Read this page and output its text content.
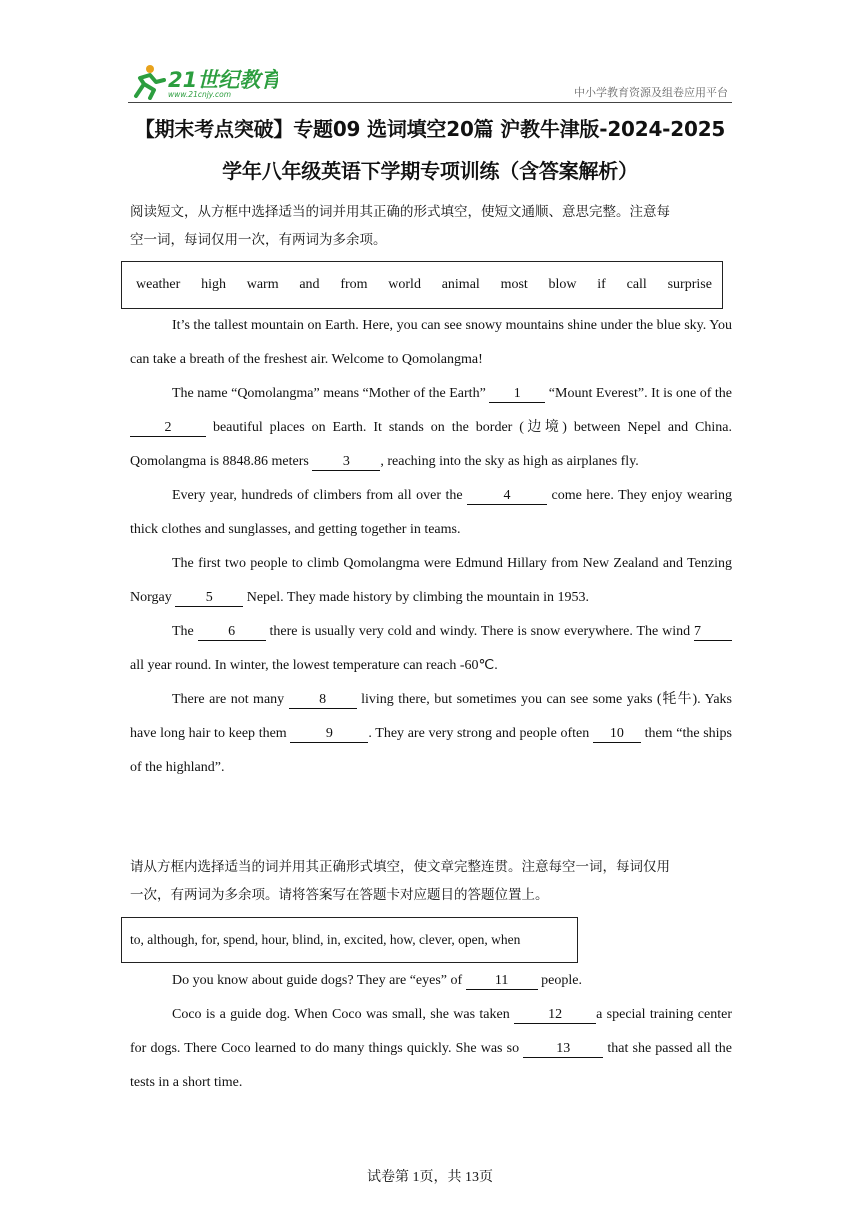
21世纪教育
www.21cnjy.com	中小学教育资源及组卷应用平台
【期末考点突破】专题09 选词填空20篇 沪教牛津版-2024-2025
学年八年级英语下学期专项训练（含答案解析）
阅读短文，从方框中选择适当的词并用其正确的形式填空，使短文通顺、意思完整。注意每
空一词，每词仅用一次，有两词为多余项。
weather high warm and from world animal most blow if call surprise
It’s the tallest mountain on Earth. Here, you can see snowy mountains shine under the blue sky. You can take a breath of the freshest air. Welcome to Qomolangma!
The name “Qomolangma” means “Mother of the Earth” 1 “Mount Everest”. It is one of the 2 beautiful places on Earth. It stands on the border (边境) between Nepel and China. Qomolangma is 8848.86 meters 3 , reaching into the sky as high as airplanes fly.
Every year, hundreds of climbers from all over the	4	come here. They enjoy wearing thick clothes and sunglasses, and getting together in teams.
The first two people to climb Qomolangma were Edmund Hillary from New Zealand and Tenzing Norgay 5 Nepel. They made history by climbing the mountain in 1953.
The 6 there is usually very cold and windy. There is snow everywhere. The wind 7 all year round. In winter, the lowest temperature can reach -60℃.
There are not many 8 living there, but sometimes you can see some yaks (牦牛). Yaks have long hair to keep them	9	. They are very strong and people often 10 them “the ships of the highland”.
请从方框内选择适当的词并用其正确形式填空，使文章完整连贯。注意每空一词，每词仅用
一次，有两词为多余项。请将答案写在答题卡对应题目的答题位置上。
to, although, for, spend, hour, blind, in, excited, how, clever, open, when
Do you know about guide dogs? They are “eyes” of 11 people.
Coco is a guide dog. When Coco was small, she was taken 12 a special training center for dogs. There Coco learned to do many things quickly. She was so 13 that she passed all the tests in a short time.
试卷第 1页，共 13页
